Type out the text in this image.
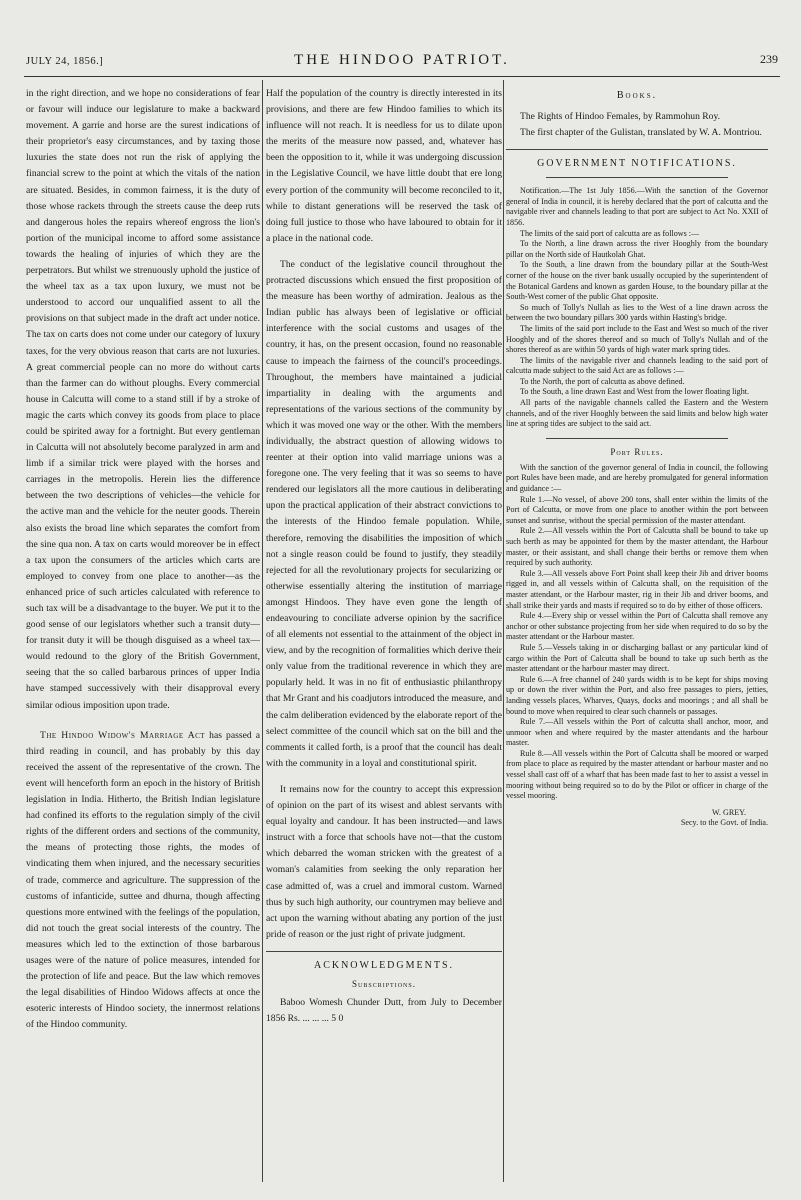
JULY 24, 1856.]	THE HINDOO PATRIOT.	239

in the right direction, and we hope no considerations of fear or favour will induce our legislature to make a backward movement. A garrie and horse are the surest indications of their proprietor's easy circumstances, and by taxing those luxuries the state does not run the risk of applying the financial screw to the point at which the vitals of the nation are situated. Besides, in common fairness, it is the duty of those whose rackets through the streets cause the deep ruts and dangerous holes the repairs whereof engross the lion's portion of the municipal income to afford some assistance towards the healing of injuries of which they are the perpetrators. But whilst we strenuously uphold the justice of the wheel tax as a tax upon luxury, we must not be understood to accord our unqualified assent to all the provisions on that subject made in the draft act under notice. The tax on carts does not come under our category of luxury taxes, for the very obvious reason that carts are not luxuries. A great commercial people can no more do without carts than the farmer can do without ploughs. Every commercial house in Calcutta will come to a stand still if by a stroke of magic the carts which convey its goods from place to place could be spirited away for a fortnight. But every gentleman in Calcutta will not absolutely become paralyzed in arm and limb if a similar trick were played with the horses and carriages in the metropolis. Herein lies the difference between the two descriptions of vehicles—the vehicle for the active man and the vehicle for the neuter goods. Therein also exists the broad line which separates the comfort from the sine qua non. A tax on carts would moreover be in effect a tax upon the consumers of the articles which carts are employed to convey from one place to another—as the enhanced price of such articles calculated with reference to such tax will be a disadvantage to the buyer. We put it to the good sense of our legislators whether such a transit duty—for transit duty it will be though disguised as a wheel tax—would redound to the glory of the British Government, seeing that the so called barbarous princes of upper India have stamped successively with their disapproval every similar odious imposition upon trade.

The Hindoo Widow's Marriage Act has passed a third reading in council, and has probably by this day received the assent of the representative of the crown. The event will henceforth form an epoch in the history of British legislation in India. Hitherto, the British Indian legislature had confined its efforts to the regulation simply of the civil rights of the different orders and sections of the community, the means of protecting those rights, the modes of vindicating them when injured, and the necessary securities of trade, commerce and agriculture. The suppression of the customs of infanticide, suttee and dhurna, though affecting questions more entwined with the feelings of the population, did not touch the great social interests of the country. The measures which led to the extinction of those barbarous usages were of the nature of police measures, intended for the protection of life and peace. But the law which removes the legal disabilities of Hindoo Widows affects at once the esoteric interests of Hindoo society, the innermost relations of the Hindoo community.

Half the population of the country is directly interested in its provisions, and there are few Hindoo families to which its influence will not reach. It is needless for us to dilate upon the merits of the measure now passed, and, whatever has been the opposition to it, while it was undergoing discussion in the Legislative Council, we have little doubt that ere long every portion of the community will become reconciled to it, while to distant generations will be reserved the task of doing full justice to those who have laboured to obtain for it a place in the national code.

The conduct of the legislative council throughout the protracted discussions which ensued the first proposition of the measure has been worthy of admiration. Jealous as the Indian public has always been of legislative or official interference with the social customs and usages of the country, it has, on the present occasion, found no reasonable cause to impeach the fairness of the council's proceedings. Throughout, the members have maintained a judicial impartiality in dealing with the arguments and representations of the various sections of the community by which it was moved one way or the other. With the members individually, the abstract question of allowing widows to reenter at their option into valid marriage unions was a foregone one. The very feeling that it was so seems to have rendered our legislators all the more cautious in deliberating upon the practical application of their abstract convictions to the interests of the Hindoo female population. While, therefore, removing the disabilities the imposition of which not a single reason could be found to justify, they steadily rejected for all the revolutionary projects for secularizing or otherwise essentially altering the institution of marriage amongst Hindoos. They have even gone the length of endeavouring to conciliate adverse opinion by the sacrifice of all elements not essential to the attainment of the object in view, and by the recognition of formalities which derive their only value from the traditional reverence in which they are popularly held. It was in no fit of enthusiastic philanthropy that Mr Grant and his coadjutors introduced the measure, and the calm deliberation evidenced by the elaborate report of the select committee of the council which sat on the bill and the comments it called forth, is a proof that the council has dealt with the community in a loyal and constitutional spirit.

It remains now for the country to accept this expression of opinion on the part of its wisest and ablest servants with equal loyalty and candour. It has been instructed—and laws instruct with a force that schools have not—that the custom which debarred the woman stricken with the greatest of a woman's calamities from seeking the only reparation her case admitted of, was a cruel and immoral custom. Warned thus by such high authority, our countrymen may believe and act upon the warning without abating any portion of the just pride of reason or the just right of private judgment.

ACKNOWLEDGMENTS.
Subscriptions.

Baboo Womesh Chunder Dutt, from July to December 1856 Rs. ... ... ... 5 0

Books.

The Rights of Hindoo Females, by Rammohun Roy.

The first chapter of the Gulistan, translated by W. A. Montriou.

GOVERNMENT NOTIFICATIONS.

Notification.—The 1st July 1856.—With the sanction of the Governor general of India in council, it is hereby declared that the port of calcutta and the navigable river and channels leading to that port are subject to Act No. XXII of 1856.

The limits of the said port of calcutta are as follows :—

To the North, a line drawn across the river Hooghly from the boundary pillar on the North side of Hautkolah Ghat.

To the South, a line drawn from the boundary pillar at the South-West corner of the house on the river bank usually occupied by the superintendent of the Botanical Gardens and known as garden House, to the boundary pillar at the South-West corner of the public Ghat opposite.

So much of Tolly's Nullah as lies to the West of a line drawn across the between the two boundary pillars 300 yards within Hasting's bridge.

The limits of the said port include to the East and West so much of the river Hooghly and of the shores thereof and so much of Tolly's Nullah and of the shores thereof as are within 50 yards of high water mark spring tides.

The limits of the navigable river and channels leading to the said port of calcutta made subject to the said Act are as follows :—

To the North, the port of calcutta as above defined.

To the South, a line drawn East and West from the lower floating light.

All parts of the navigable channels called the Eastern and the Western channels, and of the river Hooghly between the said limits and below high water line at spring tides are subject to the said act.

Port Rules.

With the sanction of the governor general of India in council, the following port Rules have been made, and are hereby promulgated for general information and guidance :—

Rule 1.—No vessel, of above 200 tons, shall enter within the limits of the Port of Calcutta, or move from one place to another within the port between sunset and sunrise, without the special permission of the master attendant.

Rule 2.—All vessels within the Port of Calcutta shall be bound to take up such berth as may be appointed for them by the master attendant, the Harbour master, or their assistant, and shall change their berths or remove them when required by such authority.

Rule 3.—All vessels above Fort Point shall keep their Jib and driver booms rigged in, and all vessels within of Calcutta shall, on the requisition of the master attendant, or the Harbour master, rig in their Jib and driver booms, and shall strike their yards and masts if required so to do by either of those officers.

Rule 4.—Every ship or vessel within the Port of Calcutta shall remove any anchor or other substance projecting from her side when required to do so by the master attendant or the Harbour master.

Rule 5.—Vessels taking in or discharging ballast or any particular kind of cargo within the Port of Calcutta shall be bound to take up such berth as the master attendant or the harbour master may direct.

Rule 6.—A free channel of 240 yards width is to be kept for ships moving up or down the river within the Port, and also free passages to piers, jetties, landing vessels places, Wharves, Quays, docks and moorings ; and all shall be bound to move when required to clear such channels or passages.

Rule 7.—All vessels within the Port of calcutta shall anchor, moor, and unmoor when and where required by the master attendants and the harbour master.

Rule 8.—All vessels within the Port of Calcutta shall be moored or warped from place to place as required by the master attendant or harbour master and no vessel shall cast off of a wharf that has been made fast to her to assist a vessel in mooring without being required so to do by the Pilot or officer in charge of the vessel mooring.

W. GREY.

Secy. to the Govt. of India.
